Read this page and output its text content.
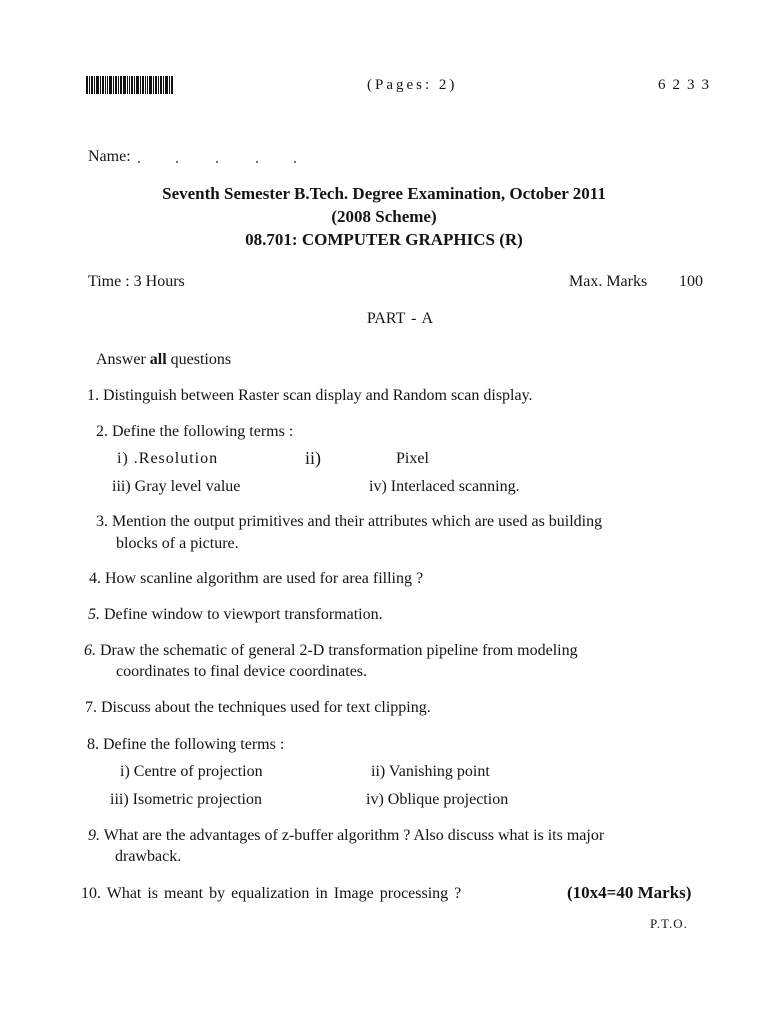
(Pages: 2)	6233
Name:
Seventh Semester B.Tech. Degree Examination, October 2011
(2008 Scheme)
08.701: COMPUTER GRAPHICS (R)
Time : 3 Hours	Max. Marks 100
PART - A
Answer all questions
1. Distinguish between Raster scan display and Random scan display.
2. Define the following terms :
i) .Resolution	ii)	Pixel
iii) Gray level value	iv) Interlaced scanning.
3. Mention the output primitives and their attributes which are used as building
blocks of a picture.
4. How scanline algorithm are used for area filling ?
5. Define window to viewport transformation.
6. Draw the schematic of general 2-D transformation pipeline from modeling
coordinates to final device coordinates.
7. Discuss about the techniques used for text clipping.
8. Define the following terms :
i) Centre of projection	ii) Vanishing point
iii) Isometric projection	iv) Oblique projection
9. What are the advantages of z-buffer algorithm ? Also discuss what is its major
drawback.
10. What is meant by equalization in Image processing ?	(10x4=40 Marks)
P.T.O.
